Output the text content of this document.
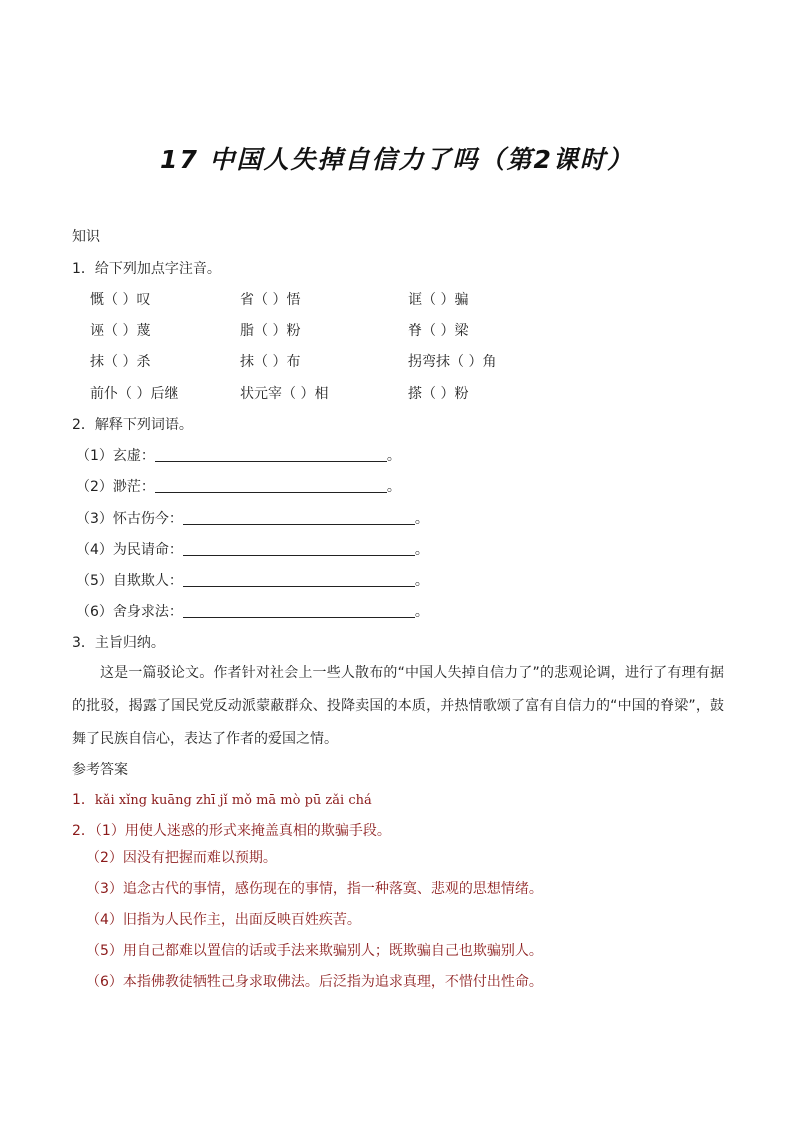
17 中国人失掉自信力了吗（第2课时）
知识
1．给下列加点字注音。
慨（ ）叹	省（ ）悟	诓（ ）骗
诬（ ）蔑	脂（ ）粉	脊（ ）梁
抹（ ）杀	抹（ ）布	拐弯抹（ ）角
前仆（ ）后继	状元宰（ ）相	搽（ ）粉
2．解释下列词语。
（1）玄虚：	。
（2）渺茫：	。
（3）怀古伤今：	。
（4）为民请命：	。
（5）自欺欺人：	。
（6）舍身求法：	。
3．主旨归纳。
这是一篇驳论文。作者针对社会上一些人散布的“中国人失掉自信力了”的悲观论调，进行了有理有据的批驳，揭露了国民党反动派蒙蔽群众、投降卖国的本质，并热情歌颂了富有自信力的“中国的脊梁”，鼓舞了民族自信心，表达了作者的爱国之情。
参考答案
1．kǎi xǐng kuāng zhī jǐ mǒ mā mò pū zǎi chá
2．（1）用使人迷惑的形式来掩盖真相的欺骗手段。
（2）因没有把握而难以预期。
（3）追念古代的事情，感伤现在的事情，指一种落寞、悲观的思想情绪。
（4）旧指为人民作主，出面反映百姓疾苦。
（5）用自己都难以置信的话或手法来欺骗别人；既欺骗自己也欺骗别人。
（6）本指佛教徒牺牲己身求取佛法。后泛指为追求真理，不惜付出性命。
